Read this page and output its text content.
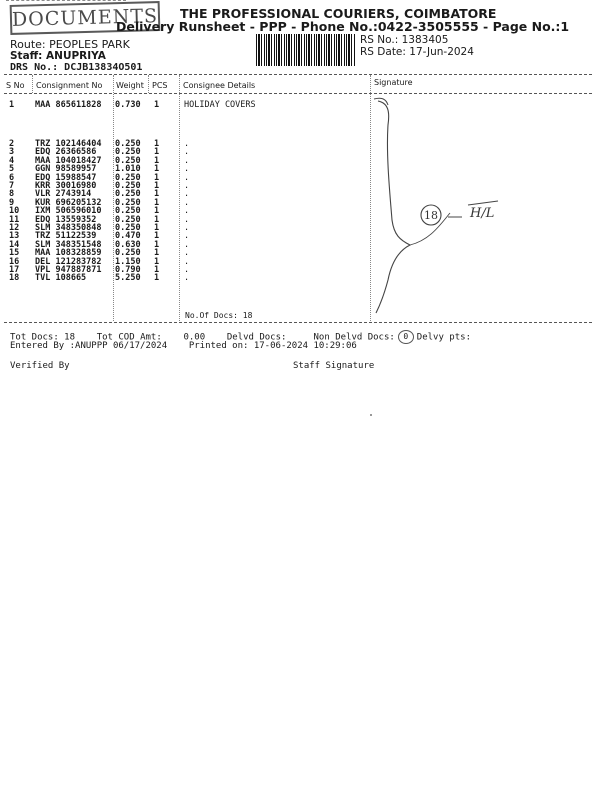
DOCUMENTS THE PROFESSIONAL COURIERS, COIMBATORE
Delivery Runsheet - PPP - Phone No.:0422-3505555 - Page No.:1
Route: PEOPLES PARK
Staff: ANUPRIYA
DRS No.: DCJB13834O501
RS No.: 1383405
RS Date: 17-Jun-2024
S No Consignment No Weight PCS Consignee Details	Signature
1 MAA 865611828 0.730 1	HOLIDAY COVERS
2 TRZ 102146404 0.250 1	.
3 EDQ 26366586 0.250 1	.
4 MAA 104018427 0.250 1	.
5 GGN 98589957 1.010 1	.
6 EDQ 15988547 0.250 1	.
7 KRR 30016980 0.250 1	.
8 VLR 2743914	0.250 1	.
9 KUR 696205132 0.250 1	.
10 IXM 506596010 0.250 1	.
11 EDQ 13559352 0.250 1	.
12 SLM 348350848 0.250 1	.
13 TRZ 51122539 0.470 1	.
14 SLM 348351548 0.630 1	.
15 MAA 108328859 0.250 1	.
16 DEL 121283782 1.150 1	.
17 VPL 947887871 0.790 1	.
18 TVL 108665	5.250 1	.
No.Of Docs: 18
18 H/L
Tot Docs: 18 Tot COD Amt: 0.00 Delvd Docs:	Non Delvd Docs: 0 Delvy pts:
Entered By :ANUPPP 06/17/2024 Printed on: 17-06-2024 10:29:06
Verified By	Staff Signature
